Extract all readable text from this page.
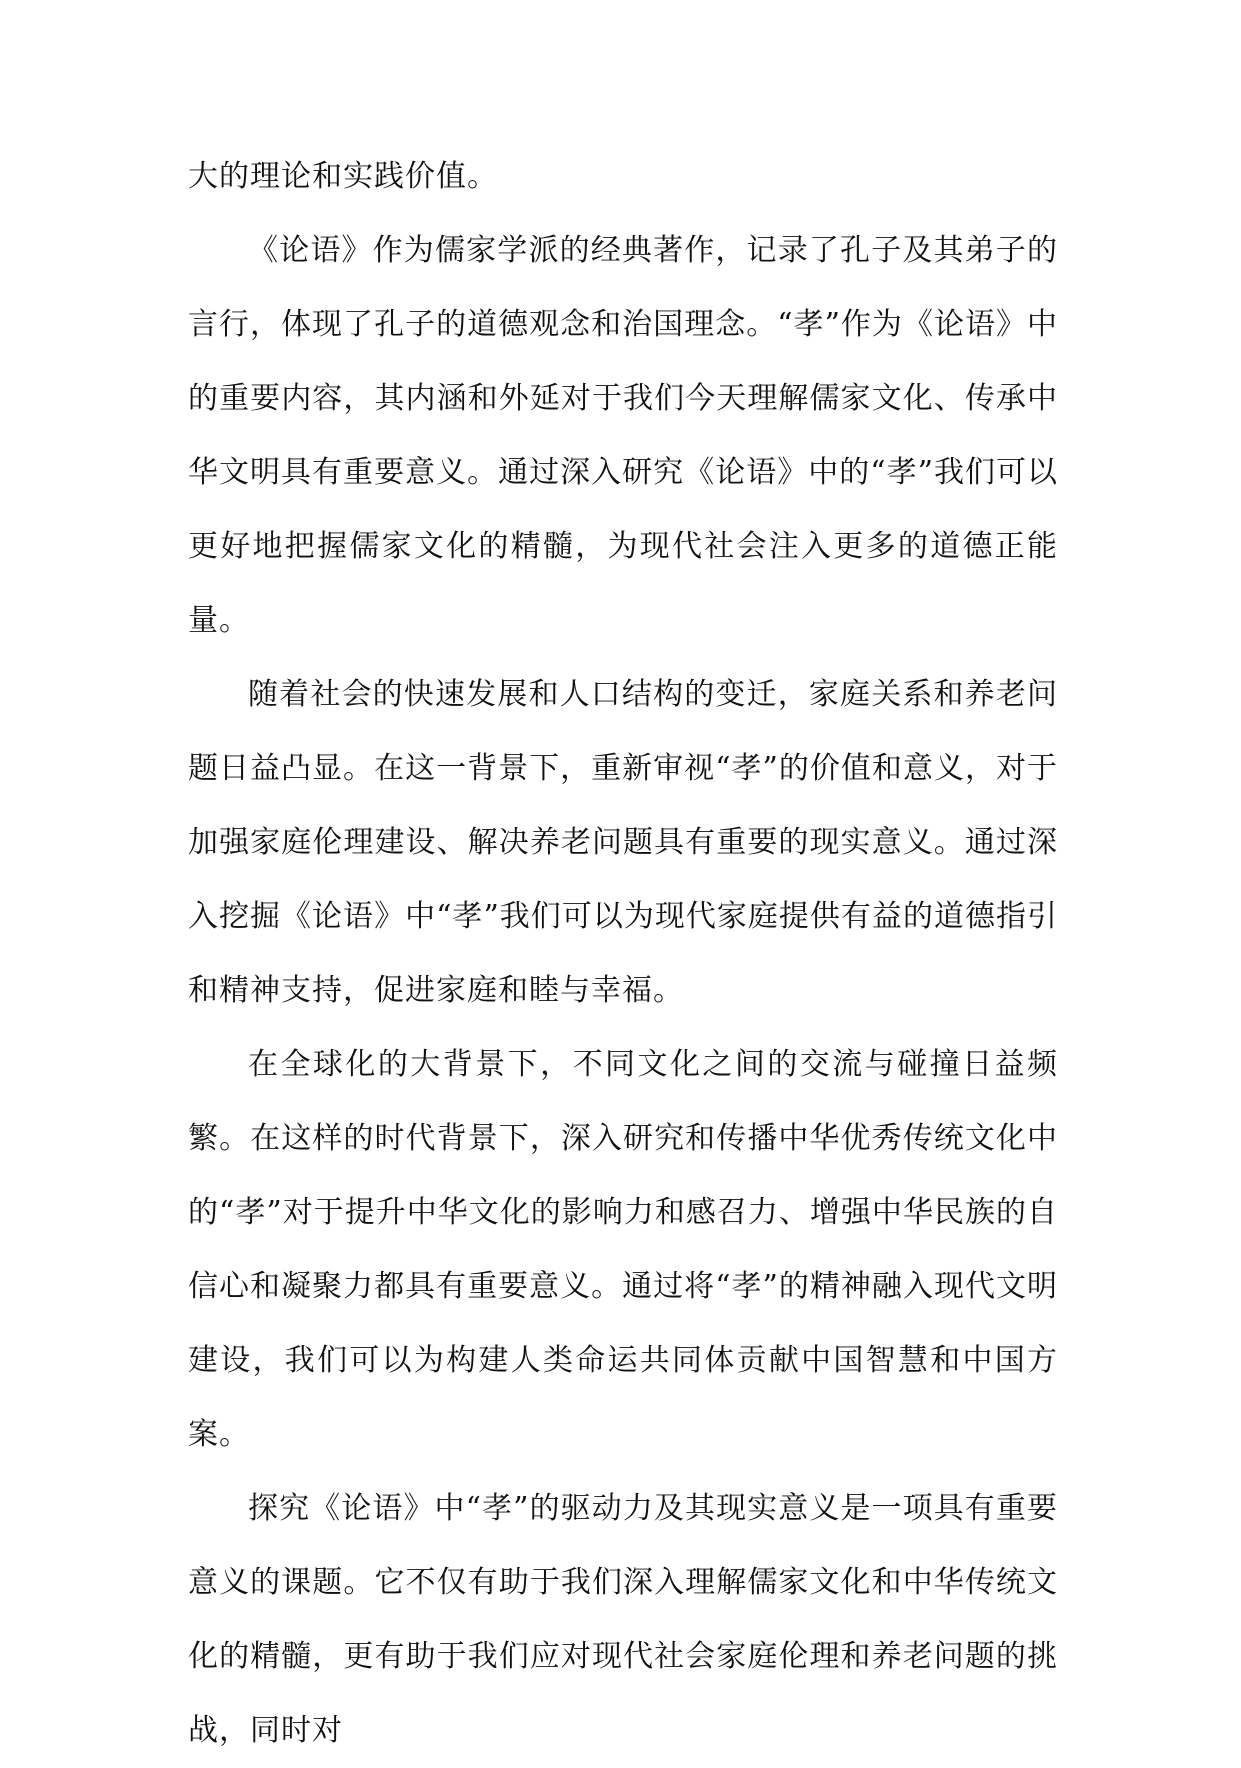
大的理论和实践价值。

《论语》作为儒家学派的经典著作，记录了孔子及其弟子的言行，体现了孔子的道德观念和治国理念。“孝”作为《论语》中的重要内容，其内涵和外延对于我们今天理解儒家文化、传承中华文明具有重要意义。通过深入研究《论语》中的“孝”我们可以更好地把握儒家文化的精髓，为现代社会注入更多的道德正能量。

随着社会的快速发展和人口结构的变迁，家庭关系和养老问题日益凸显。在这一背景下，重新审视“孝”的价值和意义，对于加强家庭伦理建设、解决养老问题具有重要的现实意义。通过深入挖掘《论语》中“孝”我们可以为现代家庭提供有益的道德指引和精神支持，促进家庭和睦与幸福。

在全球化的大背景下，不同文化之间的交流与碰撞日益频繁。在这样的时代背景下，深入研究和传播中华优秀传统文化中的“孝”对于提升中华文化的影响力和感召力、增强中华民族的自信心和凝聚力都具有重要意义。通过将“孝”的精神融入现代文明建设，我们可以为构建人类命运共同体贡献中国智慧和中国方案。

探究《论语》中“孝”的驱动力及其现实意义是一项具有重要意义的课题。它不仅有助于我们深入理解儒家文化和中华传统文化的精髓，更有助于我们应对现代社会家庭伦理和养老问题的挑战，同时对
